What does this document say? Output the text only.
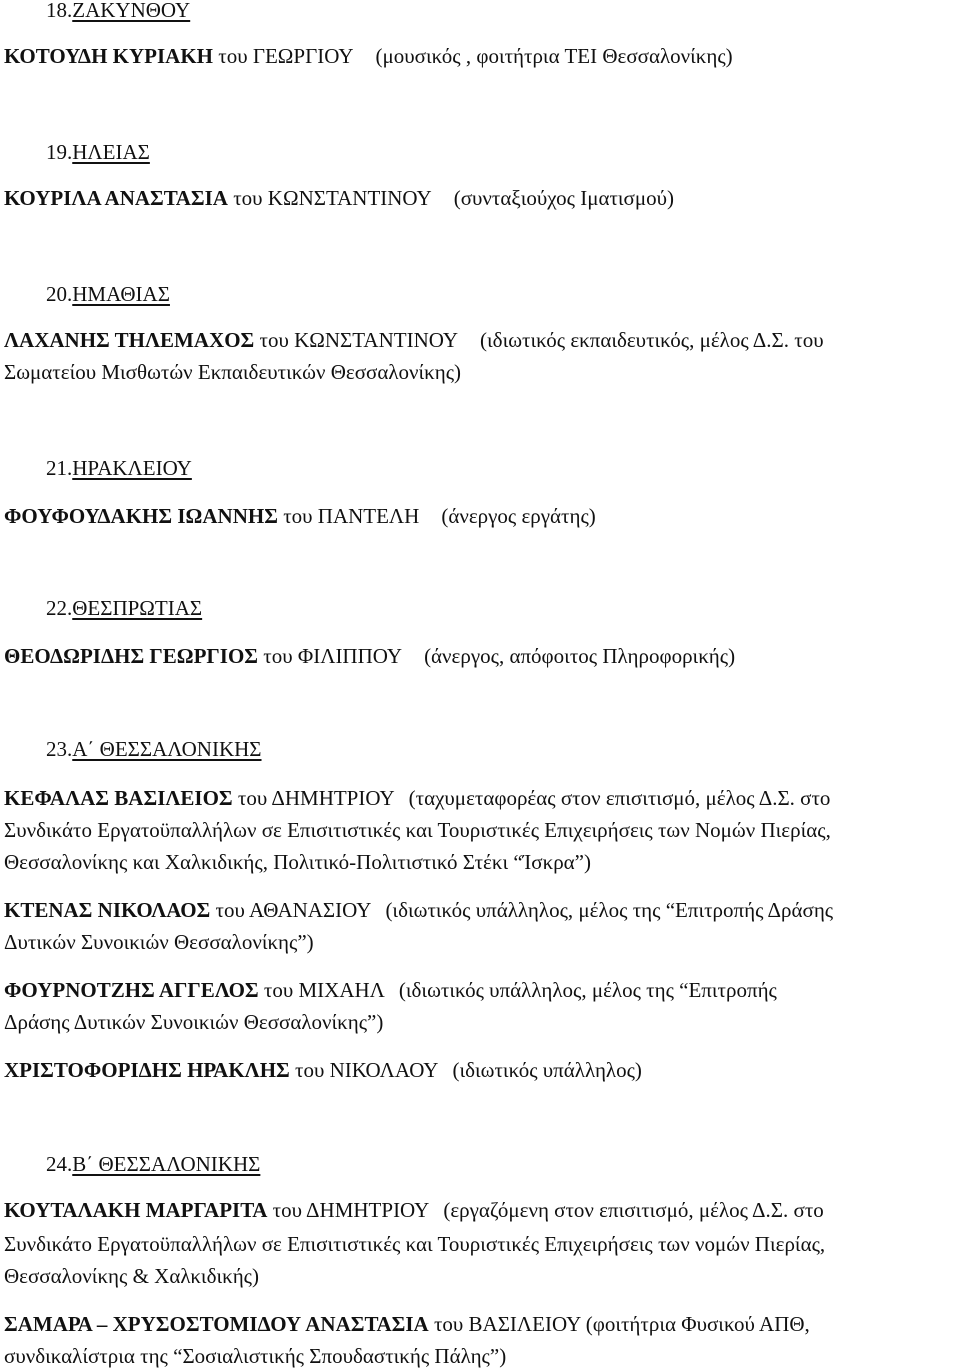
18.ΖΑΚΥΝΘΟΥ
ΚΟΤΟΥΔΗ ΚΥΡΙΑΚΗ του ΓΕΩΡΓΙΟΥ (μουσικός , φοιτήτρια ΤΕΙ Θεσσαλονίκης)
19.ΗΛΕΙΑΣ
ΚΟΥΡΙΛΑ ΑΝΑΣΤΑΣΙΑ του ΚΩΝΣΤΑΝΤΙΝΟΥ (συνταξιούχος Ιματισμού)
20.ΗΜΑΘΙΑΣ
ΛΑΧΑΝΗΣ ΤΗΛΕΜΑΧΟΣ του ΚΩΝΣΤΑΝΤΙΝΟΥ (ιδιωτικός εκπαιδευτικός, μέλος Δ.Σ. του
Σωματείου Μισθωτών Εκπαιδευτικών Θεσσαλονίκης)
21.ΗΡΑΚΛΕΙΟΥ
ΦΟΥΦΟΥΔΑΚΗΣ ΙΩΑΝΝΗΣ του ΠΑΝΤΕΛΗ (άνεργος εργάτης)
22.ΘΕΣΠΡΩΤΙΑΣ
ΘΕΟΔΩΡΙΔΗΣ ΓΕΩΡΓΙΟΣ του ΦΙΛΙΠΠΟΥ (άνεργος, απόφοιτος Πληροφορικής)
23.Α΄ ΘΕΣΣΑΛΟΝΙΚΗΣ
ΚΕΦΑΛΑΣ ΒΑΣΙΛΕΙΟΣ του ΔΗΜΗΤΡΙΟΥ (ταχυμεταφορέας στον επισιτισμό, μέλος Δ.Σ. στο
Συνδικάτο Εργατοϋπαλλήλων σε Επισιτιστικές και Τουριστικές Επιχειρήσεις των Νομών Πιερίας,
Θεσσαλονίκης και Χαλκιδικής, Πολιτικό-Πολιτιστικό Στέκι “Ίσκρα”)
ΚΤΕΝΑΣ ΝΙΚΟΛΑΟΣ του ΑΘΑΝΑΣΙΟΥ (ιδιωτικός υπάλληλος, μέλος της “Επιτροπής Δράσης
Δυτικών Συνοικιών Θεσσαλονίκης”)
ΦΟΥΡΝΟΤΖΗΣ ΑΓΓΕΛΟΣ του ΜΙΧΑΗΛ (ιδιωτικός υπάλληλος, μέλος της “Επιτροπής
Δράσης Δυτικών Συνοικιών Θεσσαλονίκης”)
ΧΡΙΣΤΟΦΟΡΙΔΗΣ ΗΡΑΚΛΗΣ του ΝΙΚΟΛΑΟΥ (ιδιωτικός υπάλληλος)
24.Β΄ ΘΕΣΣΑΛΟΝΙΚΗΣ
ΚΟΥΤΑΛΑΚΗ ΜΑΡΓΑΡΙΤΑ του ΔΗΜΗΤΡΙΟΥ (εργαζόμενη στον επισιτισμό, μέλος Δ.Σ. στο
Συνδικάτο Εργατοϋπαλλήλων σε Επισιτιστικές και Τουριστικές Επιχειρήσεις των νομών Πιερίας,
Θεσσαλονίκης & Χαλκιδικής)
ΣΑΜΑΡΑ – ΧΡΥΣΟΣΤΟΜΙΔΟΥ ΑΝΑΣΤΑΣΙΑ του ΒΑΣΙΛΕΙΟΥ (φοιτήτρια Φυσικού ΑΠΘ,
συνδικαλίστρια της “Σοσιαλιστικής Σπουδαστικής Πάλης”)
